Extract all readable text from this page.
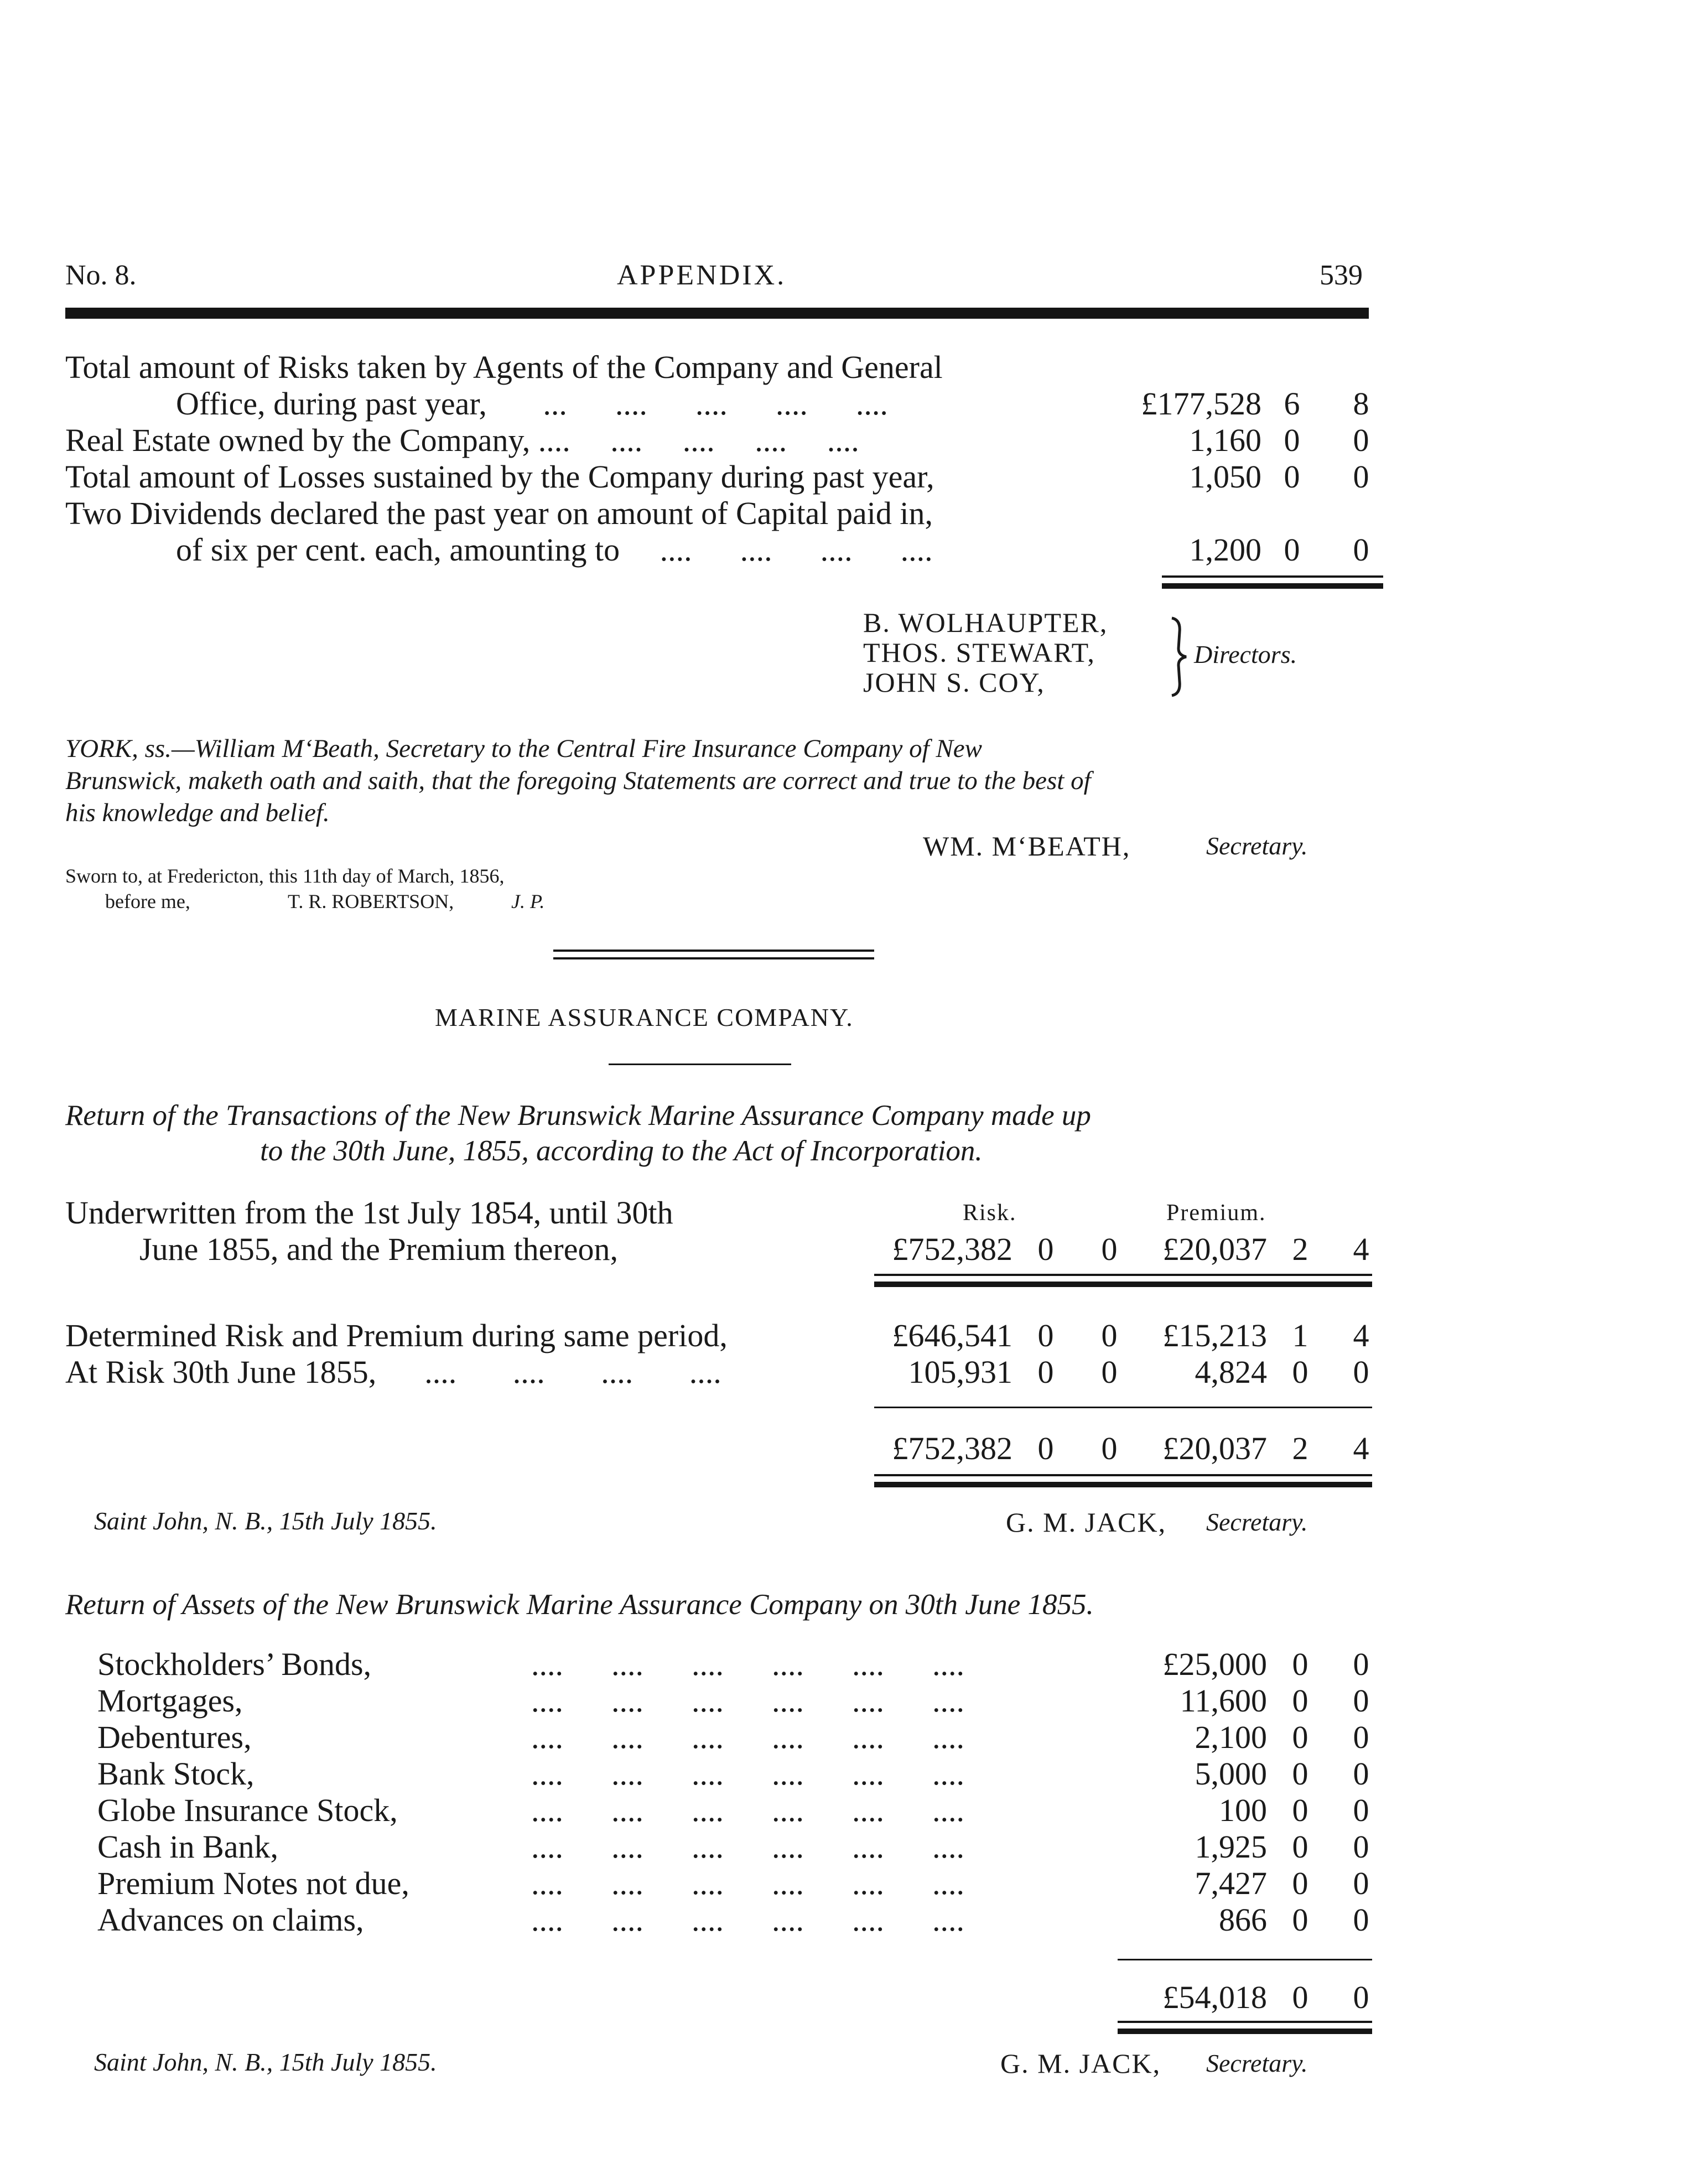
No. 8.	APPENDIX.	539
Total amount of Risks taken by Agents of the Company and General
Office, during past year,       ...      ....      ....      ....      ....	£177,528 6	8
Real Estate owned by the Company, ....     ....     ....     ....     ....	1,160 0	0
Total amount of Losses sustained by the Company during past year,	1,050 0	0
Two Dividends declared the past year on amount of Capital paid in,
of six per cent. each, amounting to     ....      ....      ....      ....	1,200 0	0
B. WOLHAUPTER,
THOS. STEWART,
JOHN S. COY,
Directors.
YORK, ss.—William M‘Beath, Secretary to the Central Fire Insurance Company of New
Brunswick, maketh oath and saith, that the foregoing Statements are correct and true to the best of
his knowledge and belief.
WM. M‘BEATH,	Secretary.
Sworn to, at Fredericton, this 11th day of March, 1856,
before me,	T. R. ROBERTSON,	J. P.
MARINE ASSURANCE COMPANY.
Return of the Transactions of the New Brunswick Marine Assurance Company made up
to the 30th June, 1855, according to the Act of Incorporation.
Risk.	Premium.
Underwritten from the 1st July 1854, until 30th
June 1855, and the Premium thereon,	£752,382 0 0	£20,037 2 4
Determined Risk and Premium during same period,	£646,541 0 0	£15,213 1 4
At Risk 30th June 1855,      ....       ....       ....       ....	105,931 0 0	4,824 0 0
£752,382 0 0	£20,037 2 4
Saint John, N. B., 15th July 1855.	G. M. JACK, Secretary.
Return of Assets of the New Brunswick Marine Assurance Company on 30th June 1855.
Stockholders’ Bonds,	....      ....      ....      ....      ....      ....	£25,000 0 0
Mortgages,	....      ....      ....      ....      ....      ....	11,600 0 0
Debentures,	....      ....      ....      ....      ....      ....	2,100 0 0
Bank Stock,	....      ....      ....      ....      ....      ....	5,000 0 0
Globe Insurance Stock,	....      ....      ....      ....      ....      ....	100 0 0
Cash in Bank,	....      ....      ....      ....      ....      ....	1,925 0 0
Premium Notes not due,	....      ....      ....      ....      ....      ....	7,427 0 0
Advances on claims,	....      ....      ....      ....      ....      ....	866 0 0
£54,018 0 0
Saint John, N. B., 15th July 1855.	G. M. JACK, Secretary.
